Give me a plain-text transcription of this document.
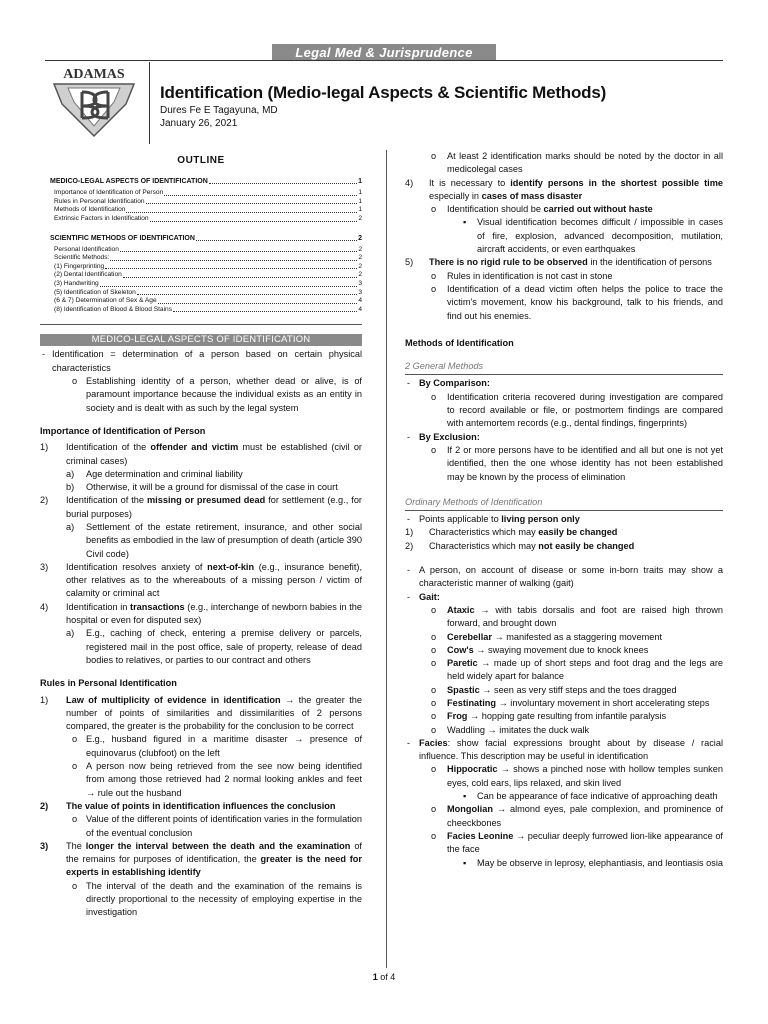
Legal Med & Jurisprudence
ADAMAS
Identification (Medio-legal Aspects & Scientific Methods)
Dures Fe E Tagayuna, MD
January 26, 2021
OUTLINE
MEDICO-LEGAL ASPECTS OF IDENTIFICATION	1
Importance of Identification of Person	1
Rules in Personal Identification	1
Methods of Identification	1
Extrinsic Factors in Identification	2
SCIENTIFIC METHODS OF IDENTIFICATION	2
Personal Identification	2
Scientific Methods:	2
(1) Fingerprinting	2
(2) Dental Identification	2
(3) Handwriting	3
(5) Identification of Skeleton	3
(6 & 7) Determination of Sex & Age	4
(8) Identification of Blood & Blood Stains	4
MEDICO-LEGAL ASPECTS OF IDENTIFICATION
- Identification = determination of a person based on certain physical characteristics
o Establishing identity of a person, whether dead or alive, is of paramount importance because the individual exists as an entity in society and is dealt with as such by the legal system
Importance of Identification of Person
1) Identification of the offender and victim must be established (civil or criminal cases)
a) Age determination and criminal liability
b) Otherwise, it will be a ground for dismissal of the case in court
2) Identification of the missing or presumed dead for settlement (e.g., for burial purposes)
a) Settlement of the estate retirement, insurance, and other social benefits as embodied in the law of presumption of death (article 390 Civil code)
3) Identification resolves anxiety of next-of-kin (e.g., insurance benefit), other relatives as to the whereabouts of a missing person / victim of calamity or criminal act
4) Identification in transactions (e.g., interchange of newborn babies in the hospital or even for disputed sex)
a) E.g., caching of check, entering a premise delivery or parcels, registered mail in the post office, sale of property, release of dead bodies to relatives, or parties to our contract and others
Rules in Personal Identification
1) Law of multiplicity of evidence in identification → the greater the number of points of similarities and dissimilarities of 2 persons compared, the greater is the probability for the conclusion to be correct
o E.g., husband figured in a maritime disaster → presence of equinovarus (clubfoot) on the left
o A person now being retrieved from the see now being identified from among those retrieved had 2 normal looking ankles and feet → rule out the husband
2) The value of points in identification influences the conclusion
o Value of the different points of identification varies in the formulation of the eventual conclusion
3) The longer the interval between the death and the examination of the remains for purposes of identification, the greater is the need for experts in establishing identify
o The interval of the death and the examination of the remains is directly proportional to the necessity of employing expertise in the investigation
o At least 2 identification marks should be noted by the doctor in all medicolegal cases
4) It is necessary to identify persons in the shortest possible time especially in cases of mass disaster
o Identification should be carried out without haste
▪ Visual identification becomes difficult / impossible in cases of fire, explosion, advanced decomposition, mutilation, aircraft accidents, or even earthquakes
5) There is no rigid rule to be observed in the identification of persons
o Rules in identification is not cast in stone
o Identification of a dead victim often helps the police to trace the victim's movement, know his background, talk to his friends, and find out his enemies.
Methods of Identification
2 General Methods
- By Comparison:
o Identification criteria recovered during investigation are compared to record available or file, or postmortem findings are compared with antemortem records (e.g., dental findings, fingerprints)
- By Exclusion:
o If 2 or more persons have to be identified and all but one is not yet identified, then the one whose identity has not been established may be known by the process of elimination
Ordinary Methods of Identification
- Points applicable to living person only
1) Characteristics which may easily be changed
2) Characteristics which may not easily be changed
- A person, on account of disease or some in-born traits may show a characteristic manner of walking (gait)
- Gait:
o Ataxic → with tabis dorsalis and foot are raised high thrown forward, and brought down
o Cerebellar → manifested as a staggering movement
o Cow's → swaying movement due to knock knees
o Paretic → made up of short steps and foot drag and the legs are held widely apart for balance
o Spastic → seen as very stiff steps and the toes dragged
o Festinating → involuntary movement in short accelerating steps
o Frog → hopping gate resulting from infantile paralysis
o Waddling → imitates the duck walk
- Facies: show facial expressions brought about by disease / racial influence. This description may be useful in identification
o Hippocratic → shows a pinched nose with hollow temples sunken eyes, cold ears, lips relaxed, and skin lived
▪ Can be appearance of face indicative of approaching death
o Mongolian → almond eyes, pale complexion, and prominence of cheeckbones
o Facies Leonine → peculiar deeply furrowed lion-like appearance of the face
▪ May be observe in leprosy, elephantiasis, and leontiasis osia
1 of 4
